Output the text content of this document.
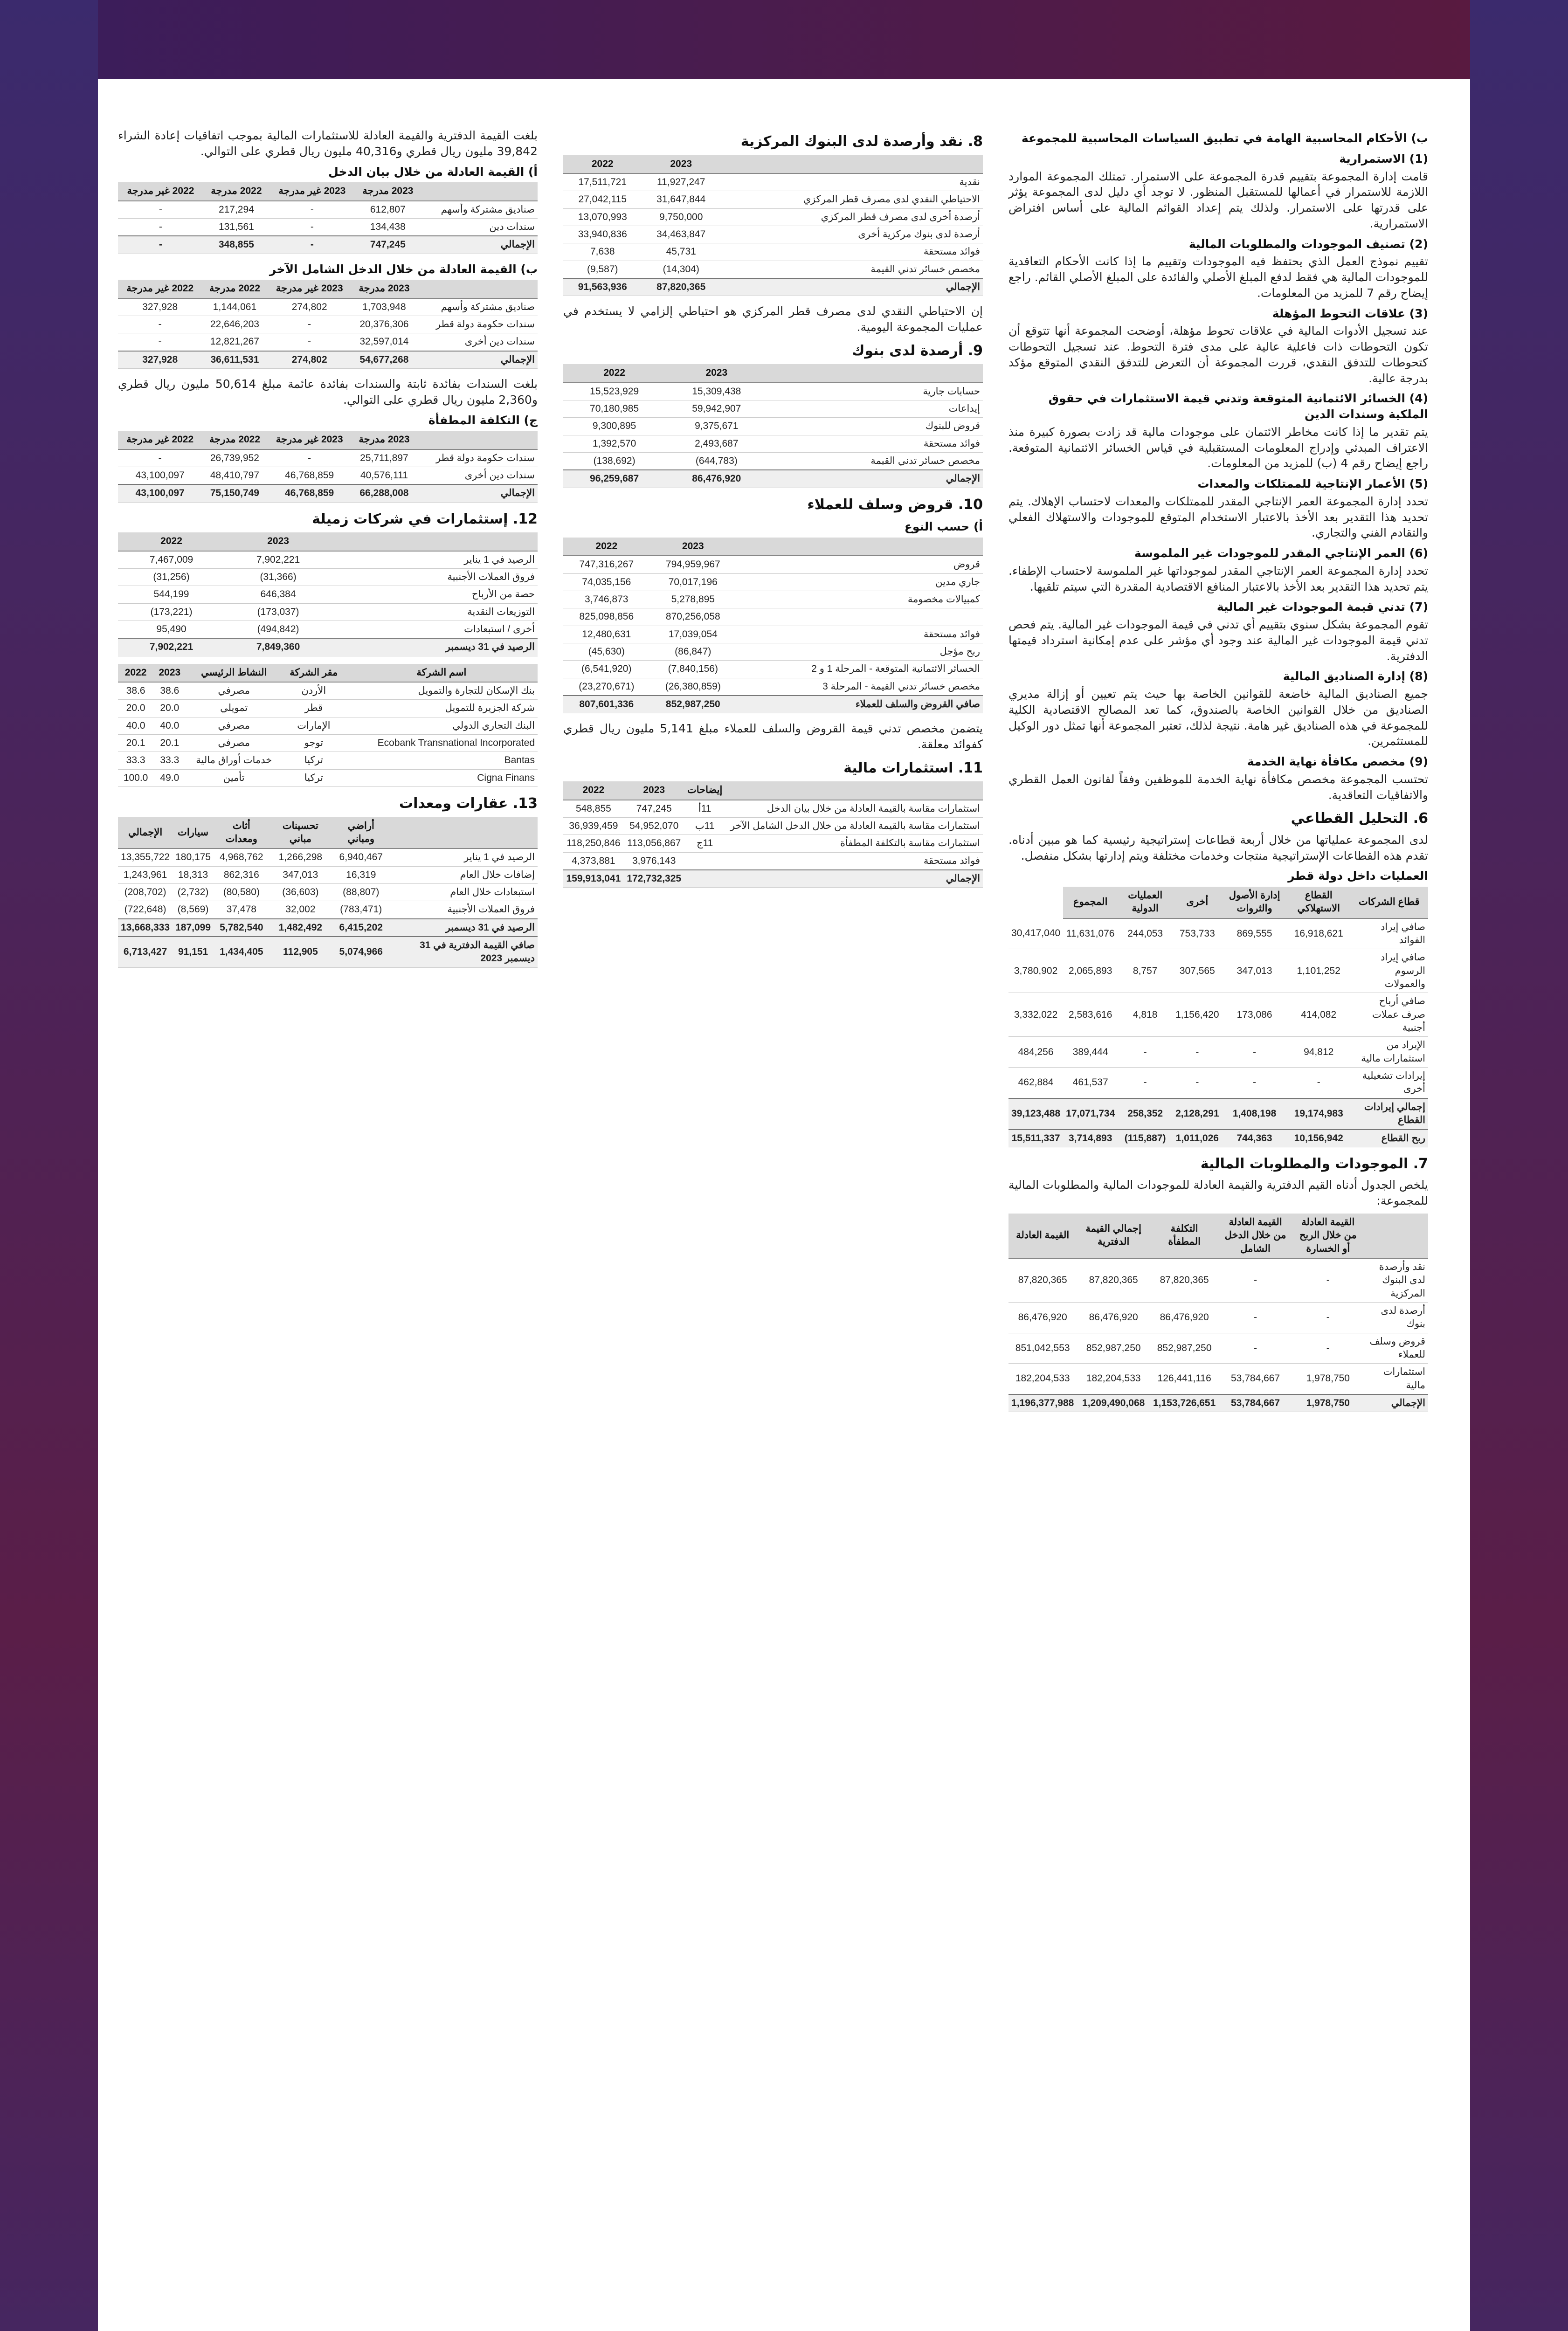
ب) الأحكام المحاسبية الهامة في تطبيق السياسات المحاسبية للمجموعة
(1) الاستمرارية

قامت إدارة المجموعة بتقييم قدرة المجموعة على الاستمرار. تمتلك المجموعة الموارد اللازمة للاستمرار في أعمالها للمستقبل المنظور. لا توجد أي دليل لدى المجموعة يؤثر على قدرتها على الاستمرار. ولذلك يتم إعداد القوائم المالية على أساس افتراض الاستمرارية.

(2) تصنيف الموجودات والمطلوبات المالية

تقييم نموذج العمل الذي يحتفظ فيه الموجودات وتقييم ما إذا كانت الأحكام التعاقدية للموجودات المالية هي فقط لدفع المبلغ الأصلي والفائدة على المبلغ الأصلي القائم. راجع إيضاح رقم 7 للمزيد من المعلومات.

(3) علاقات التحوط المؤهلة

عند تسجيل الأدوات المالية في علاقات تحوط مؤهلة، أوضحت المجموعة أنها تتوقع أن تكون التحوطات ذات فاعلية عالية على مدى فترة التحوط. عند تسجيل التحوطات كتحوطات للتدفق النقدي، قررت المجموعة أن التعرض للتدفق النقدي المتوقع مؤكد بدرجة عالية.

(4) الخسائر الائتمانية المتوقعة وتدني قيمة الاستثمارات في حقوق الملكية وسندات الدين

يتم تقدير ما إذا كانت مخاطر الائتمان على موجودات مالية قد زادت بصورة كبيرة منذ الاعتراف المبدئي وإدراج المعلومات المستقبلية في قياس الخسائر الائتمانية المتوقعة. راجع إيضاح رقم 4 (ب) للمزيد من المعلومات.

(5) الأعمار الإنتاجية للممتلكات والمعدات

تحدد إدارة المجموعة العمر الإنتاجي المقدر للممتلكات والمعدات لاحتساب الإهلاك. يتم تحديد هذا التقدير بعد الأخذ بالاعتبار الاستخدام المتوقع للموجودات والاستهلاك الفعلي والتقادم الفني والتجاري.

(6) العمر الإنتاجي المقدر للموجودات غير الملموسة

تحدد إدارة المجموعة العمر الإنتاجي المقدر لموجوداتها غير الملموسة لاحتساب الإطفاء. يتم تحديد هذا التقدير بعد الأخذ بالاعتبار المنافع الاقتصادية المقدرة التي سيتم تلقيها.

(7) تدني قيمة الموجودات غير المالية

تقوم المجموعة بشكل سنوي بتقييم أي تدني في قيمة الموجودات غير المالية. يتم فحص تدني قيمة الموجودات غير المالية عند وجود أي مؤشر على عدم إمكانية استرداد قيمتها الدفترية.

(8) إدارة الصناديق المالية

جميع الصناديق المالية خاضعة للقوانين الخاصة بها حيث يتم تعيين أو إزالة مديري الصناديق من خلال القوانين الخاصة بالصندوق، كما تعد المصالح الاقتصادية الكلية للمجموعة في هذه الصناديق غير هامة. نتيجة لذلك، تعتبر المجموعة أنها تمثل دور الوكيل للمستثمرين.

(9) مخصص مكافأة نهاية الخدمة

تحتسب المجموعة مخصص مكافأة نهاية الخدمة للموظفين وفقاً لقانون العمل القطري والاتفاقيات التعاقدية.

6. التحليل القطاعي

لدى المجموعة عملياتها من خلال أربعة قطاعات إستراتيجية رئيسية كما هو مبين أدناه. تقدم هذه القطاعات الإستراتيجية منتجات وخدمات مختلفة ويتم إدارتها بشكل منفصل.

العمليات داخل دولة قطر
قطاع الشركات	القطاع الاستهلاكي	إدارة الأصول والثروات	أخرى	العمليات الدولية	المجموع	
صافي إيراد الفوائد	16,918,621	869,555	753,733	244,053	11,631,076	30,417,040
صافي إيراد الرسوم والعمولات	1,101,252	347,013	307,565	8,757	2,065,893	3,780,902
صافي أرباح صرف عملات أجنبية	414,082	173,086	1,156,420	4,818	2,583,616	3,332,022
الإيراد من استثمارات مالية	94,812	-	-	-	389,444	484,256
إيرادات تشغيلية أخرى	-	-	-	-	461,537	462,884
إجمالي إيرادات القطاع	19,174,983	1,408,198	2,128,291	258,352	17,071,734	39,123,488
ربح القطاع	10,156,942	744,363	1,011,026	(115,887)	3,714,893	15,511,337
7. الموجودات والمطلوبات المالية

يلخص الجدول أدناه القيم الدفترية والقيمة العادلة للموجودات المالية والمطلوبات المالية للمجموعة:

	القيمة العادلة من خلال الربح أو الخسارة	القيمة العادلة من خلال الدخل الشامل	التكلفة المطفأة	إجمالي القيمة الدفترية	القيمة العادلة
نقد وأرصدة لدى البنوك المركزية	-	-	87,820,365	87,820,365	87,820,365
أرصدة لدى بنوك	-	-	86,476,920	86,476,920	86,476,920
قروض وسلف للعملاء	-	-	852,987,250	852,987,250	851,042,553
استثمارات مالية	1,978,750	53,784,667	126,441,116	182,204,533	182,204,533
الإجمالي	1,978,750	53,784,667	1,153,726,651	1,209,490,068	1,196,377,988
8. نقد وأرصدة لدى البنوك المركزية
	2023	2022
نقدية	11,927,247	17,511,721
الاحتياطي النقدي لدى مصرف قطر المركزي	31,647,844	27,042,115
أرصدة أخرى لدى مصرف قطر المركزي	9,750,000	13,070,993
أرصدة لدى بنوك مركزية أخرى	34,463,847	33,940,836
فوائد مستحقة	45,731	7,638
مخصص خسائر تدني القيمة	(14,304)	(9,587)
الإجمالي	87,820,365	91,563,936

إن الاحتياطي النقدي لدى مصرف قطر المركزي هو احتياطي إلزامي لا يستخدم في عمليات المجموعة اليومية.

9. أرصدة لدى بنوك
	2023	2022
حسابات جارية	15,309,438	15,523,929
إيداعات	59,942,907	70,180,985
قروض للبنوك	9,375,671	9,300,895
فوائد مستحقة	2,493,687	1,392,570
مخصص خسائر تدني القيمة	(644,783)	(138,692)
الإجمالي	86,476,920	96,259,687
10. قروض وسلف للعملاء
أ) حسب النوع
	2023	2022
قروض	794,959,967	747,316,267
جاري مدين	70,017,196	74,035,156
كمبيالات مخصومة	5,278,895	3,746,873
	870,256,058	825,098,856
فوائد مستحقة	17,039,054	12,480,631
ربح مؤجل	(86,847)	(45,630)
الخسائر الائتمانية المتوقعة - المرحلة 1 و 2	(7,840,156)	(6,541,920)
مخصص خسائر تدني القيمة - المرحلة 3	(26,380,859)	(23,270,671)
صافي القروض والسلف للعملاء	852,987,250	807,601,336

يتضمن مخصص تدني قيمة القروض والسلف للعملاء مبلغ 5,141 مليون ريال قطري كفوائد معلقة.

11. استثمارات مالية
	إيضاحات	2023	2022
استثمارات مقاسة بالقيمة العادلة من خلال بيان الدخل	11أ	747,245	548,855
استثمارات مقاسة بالقيمة العادلة من خلال الدخل الشامل الآخر	11ب	54,952,070	36,939,459
استثمارات مقاسة بالتكلفة المطفأة	11ج	113,056,867	118,250,846
فوائد مستحقة		3,976,143	4,373,881
الإجمالي		172,732,325	159,913,041

بلغت القيمة الدفترية والقيمة العادلة للاستثمارات المالية بموجب اتفاقيات إعادة الشراء 39,842 مليون ريال قطري و40,316 مليون ريال قطري على التوالي.

أ) القيمة العادلة من خلال بيان الدخل
	2023 مدرجة	2023 غير مدرجة	2022 مدرجة	2022 غير مدرجة
صناديق مشتركة وأسهم	612,807	-	217,294	-
سندات دين	134,438	-	131,561	-
الإجمالي	747,245	-	348,855	-
ب) القيمة العادلة من خلال الدخل الشامل الآخر
	2023 مدرجة	2023 غير مدرجة	2022 مدرجة	2022 غير مدرجة
صناديق مشتركة وأسهم	1,703,948	274,802	1,144,061	327,928
سندات حكومة دولة قطر	20,376,306	-	22,646,203	-
سندات دين أخرى	32,597,014	-	12,821,267	-
الإجمالي	54,677,268	274,802	36,611,531	327,928

بلغت السندات بفائدة ثابتة والسندات بفائدة عائمة مبلغ 50,614 مليون ريال قطري و2,360 مليون ريال قطري على التوالي.

ج) التكلفة المطفأة
	2023 مدرجة	2023 غير مدرجة	2022 مدرجة	2022 غير مدرجة
سندات حكومة دولة قطر	25,711,897	-	26,739,952	-
سندات دين أخرى	40,576,111	46,768,859	48,410,797	43,100,097
الإجمالي	66,288,008	46,768,859	75,150,749	43,100,097
12. إستثمارات في شركات زميلة
	2023	2022
الرصيد في 1 يناير	7,902,221	7,467,009
فروق العملات الأجنبية	(31,366)	(31,256)
حصة من الأرباح	646,384	544,199
التوزيعات النقدية	(173,037)	(173,221)
أخرى / استبعادات	(494,842)	95,490
الرصيد في 31 ديسمبر	7,849,360	7,902,221
اسم الشركة	مقر الشركة	النشاط الرئيسي	2023	2022
بنك الإسكان للتجارة والتمويل	الأردن	مصرفي	38.6	38.6
شركة الجزيرة للتمويل	قطر	تمويلي	20.0	20.0
البنك التجاري الدولي	الإمارات	مصرفي	40.0	40.0
Ecobank Transnational Incorporated	توجو	مصرفي	20.1	20.1
Bantas	تركيا	خدمات أوراق مالية	33.3	33.3
Cigna Finans	تركيا	تأمين	49.0	100.0
13. عقارات ومعدات
	أراضي ومباني	تحسينات مباني	أثاث ومعدات	سيارات	الإجمالي
الرصيد في 1 يناير	6,940,467	1,266,298	4,968,762	180,175	13,355,722
إضافات خلال العام	16,319	347,013	862,316	18,313	1,243,961
استبعادات خلال العام	(88,807)	(36,603)	(80,580)	(2,732)	(208,702)
فروق العملات الأجنبية	(783,471)	32,002	37,478	(8,569)	(722,648)
الرصيد في 31 ديسمبر	6,415,202	1,482,492	5,782,540	187,099	13,668,333
صافي القيمة الدفترية في 31 ديسمبر 2023	5,074,966	112,905	1,434,405	91,151	6,713,427
